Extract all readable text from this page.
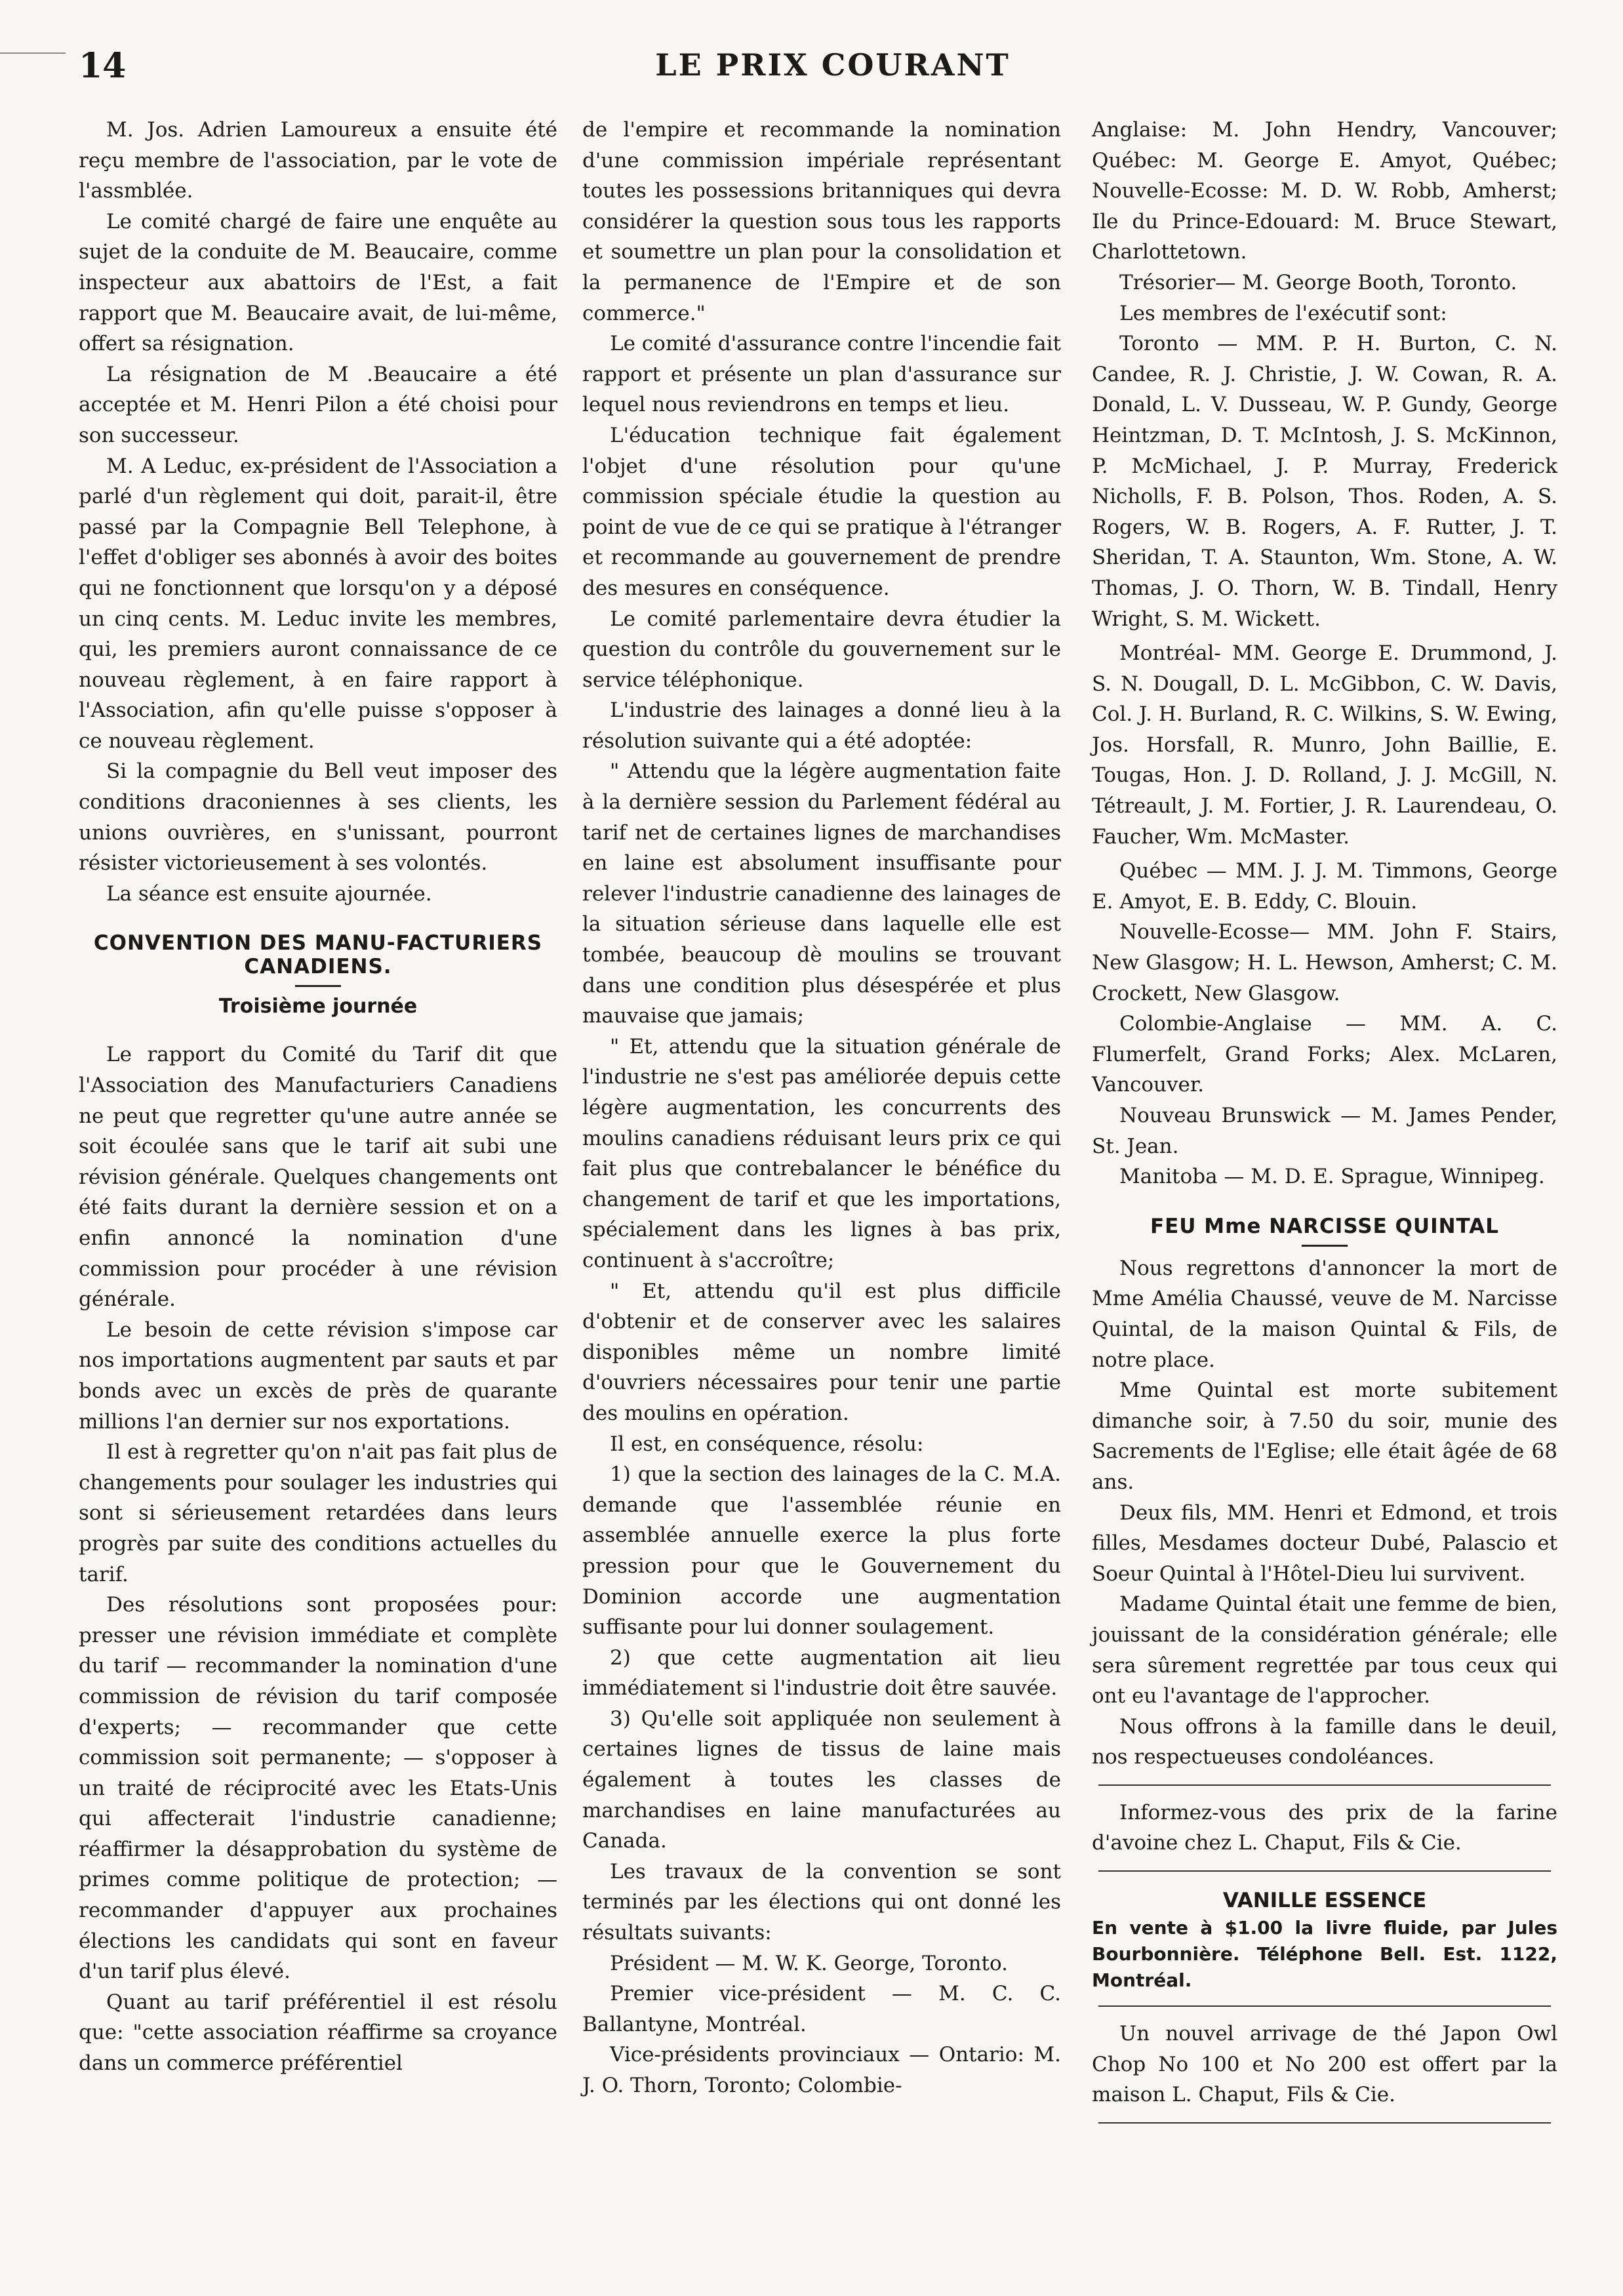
14	LE PRIX COURANT

M. Jos. Adrien Lamoureux a ensuite été reçu membre de l'association, par le vote de l'assmblée.

Le comité chargé de faire une enquête au sujet de la conduite de M. Beaucaire, comme inspecteur aux abattoirs de l'Est, a fait rapport que M. Beaucaire avait, de lui-même, offert sa résignation.

La résignation de M .Beaucaire a été acceptée et M. Henri Pilon a été choisi pour son successeur.

M. A Leduc, ex-président de l'Association a parlé d'un règlement qui doit, parait-il, être passé par la Compagnie Bell Telephone, à l'effet d'obliger ses abonnés à avoir des boites qui ne fonctionnent que lorsqu'on y a déposé un cinq cents. M. Leduc invite les membres, qui, les premiers auront connaissance de ce nouveau règlement, à en faire rapport à l'Association, afin qu'elle puisse s'opposer à ce nouveau règlement.

Si la compagnie du Bell veut imposer des conditions draconiennes à ses clients, les unions ouvrières, en s'unissant, pourront résister victorieusement à ses volontés.

La séance est ensuite ajournée.

CONVENTION DES MANU-FACTURIERS CANADIENS.
Troisième journée

Le rapport du Comité du Tarif dit que l'Association des Manufacturiers Canadiens ne peut que regretter qu'une autre année se soit écoulée sans que le tarif ait subi une révision générale. Quelques changements ont été faits durant la dernière session et on a enfin annoncé la nomination d'une commission pour procéder à une révision générale.

Le besoin de cette révision s'impose car nos importations augmentent par sauts et par bonds avec un excès de près de quarante millions l'an dernier sur nos exportations.

Il est à regretter qu'on n'ait pas fait plus de changements pour soulager les industries qui sont si sérieusement retardées dans leurs progrès par suite des conditions actuelles du tarif.

Des résolutions sont proposées pour: presser une révision immédiate et complète du tarif — recommander la nomination d'une commission de révision du tarif composée d'experts; — recommander que cette commission soit permanente; — s'opposer à un traité de réciprocité avec les Etats-Unis qui affecterait l'industrie canadienne; réaffirmer la désapprobation du système de primes comme politique de protection; — recommander d'appuyer aux prochaines élections les candidats qui sont en faveur d'un tarif plus élevé.

Quant au tarif préférentiel il est résolu que: "cette association réaffirme sa croyance dans un commerce préférentiel

de l'empire et recommande la nomination d'une commission impériale représentant toutes les possessions britanniques qui devra considérer la question sous tous les rapports et soumettre un plan pour la consolidation et la permanence de l'Empire et de son commerce."

Le comité d'assurance contre l'incendie fait rapport et présente un plan d'assurance sur lequel nous reviendrons en temps et lieu.

L'éducation technique fait également l'objet d'une résolution pour qu'une commission spéciale étudie la question au point de vue de ce qui se pratique à l'étranger et recommande au gouvernement de prendre des mesures en conséquence.

Le comité parlementaire devra étudier la question du contrôle du gouvernement sur le service téléphonique.

L'industrie des lainages a donné lieu à la résolution suivante qui a été adoptée:

" Attendu que la légère augmentation faite à la dernière session du Parlement fédéral au tarif net de certaines lignes de marchandises en laine est absolument insuffisante pour relever l'industrie canadienne des lainages de la situation sérieuse dans laquelle elle est tombée, beaucoup dè moulins se trouvant dans une condition plus désespérée et plus mauvaise que jamais;

" Et, attendu que la situation générale de l'industrie ne s'est pas améliorée depuis cette légère augmentation, les concurrents des moulins canadiens réduisant leurs prix ce qui fait plus que contrebalancer le bénéfice du changement de tarif et que les importations, spécialement dans les lignes à bas prix, continuent à s'accroître;

" Et, attendu qu'il est plus difficile d'obtenir et de conserver avec les salaires disponibles même un nombre limité d'ouvriers nécessaires pour tenir une partie des moulins en opération.

Il est, en conséquence, résolu:

1) que la section des lainages de la C. M.A. demande que l'assemblée réunie en assemblée annuelle exerce la plus forte pression pour que le Gouvernement du Dominion accorde une augmentation suffisante pour lui donner soulagement.

2) que cette augmentation ait lieu immédiatement si l'industrie doit être sauvée.

3) Qu'elle soit appliquée non seulement à certaines lignes de tissus de laine mais également à toutes les classes de marchandises en laine manufacturées au Canada.

Les travaux de la convention se sont terminés par les élections qui ont donné les résultats suivants:

Président — M. W. K. George, Toronto.

Premier vice-président — M. C. C. Ballantyne, Montréal.

Vice-présidents provinciaux — Ontario: M. J. O. Thorn, Toronto; Colombie-

Anglaise: M. John Hendry, Vancouver; Québec: M. George E. Amyot, Québec; Nouvelle-Ecosse: M. D. W. Robb, Amherst; Ile du Prince-Edouard: M. Bruce Stewart, Charlottetown.

Trésorier— M. George Booth, Toronto.

Les membres de l'exécutif sont:

Toronto — MM. P. H. Burton, C. N. Candee, R. J. Christie, J. W. Cowan, R. A. Donald, L. V. Dusseau, W. P. Gundy, George Heintzman, D. T. McIntosh, J. S. McKinnon, P. McMichael, J. P. Murray, Frederick Nicholls, F. B. Polson, Thos. Roden, A. S. Rogers, W. B. Rogers, A. F. Rutter, J. T. Sheridan, T. A. Staunton, Wm. Stone, A. W. Thomas, J. O. Thorn, W. B. Tindall, Henry Wright, S. M. Wickett.

Montréal- MM. George E. Drummond, J. S. N. Dougall, D. L. McGibbon, C. W. Davis, Col. J. H. Burland, R. C. Wilkins, S. W. Ewing, Jos. Horsfall, R. Munro, John Baillie, E. Tougas, Hon. J. D. Rolland, J. J. McGill, N. Tétreault, J. M. Fortier, J. R. Laurendeau, O. Faucher, Wm. McMaster.

Québec — MM. J. J. M. Timmons, George E. Amyot, E. B. Eddy, C. Blouin.

Nouvelle-Ecosse— MM. John F. Stairs, New Glasgow; H. L. Hewson, Amherst; C. M. Crockett, New Glasgow.

Colombie-Anglaise — MM. A. C. Flumerfelt, Grand Forks; Alex. McLaren, Vancouver.

Nouveau Brunswick — M. James Pender, St. Jean.

Manitoba — M. D. E. Sprague, Winnipeg.

FEU Mme NARCISSE QUINTAL

Nous regrettons d'annoncer la mort de Mme Amélia Chaussé, veuve de M. Narcisse Quintal, de la maison Quintal & Fils, de notre place.

Mme Quintal est morte subitement dimanche soir, à 7.50 du soir, munie des Sacrements de l'Eglise; elle était âgée de 68 ans.

Deux fils, MM. Henri et Edmond, et trois filles, Mesdames docteur Dubé, Palascio et Soeur Quintal à l'Hôtel-Dieu lui survivent.

Madame Quintal était une femme de bien, jouissant de la considération générale; elle sera sûrement regrettée par tous ceux qui ont eu l'avantage de l'approcher.

Nous offrons à la famille dans le deuil, nos respectueuses condoléances.

Informez-vous des prix de la farine d'avoine chez L. Chaput, Fils & Cie.

VANILLE ESSENCE
En vente à $1.00 la livre fluide, par Jules Bourbonnière. Téléphone Bell. Est. 1122, Montréal.

Un nouvel arrivage de thé Japon Owl Chop No 100 et No 200 est offert par la maison L. Chaput, Fils & Cie.
